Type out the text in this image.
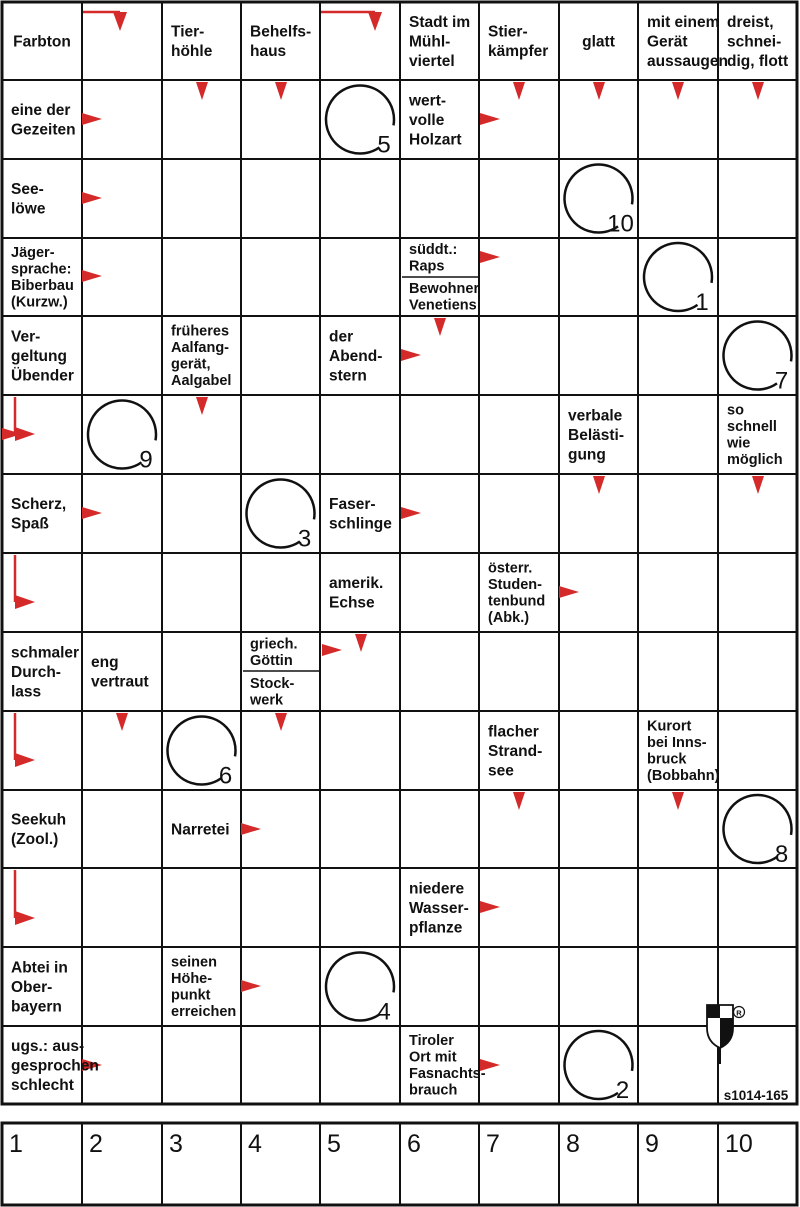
Farbton
Tier-höhle
Behelfs-haus
Stadt im Mühl-viertel
Stier-kämpfer
glatt
mit einem Gerät aussaugen
dreist, schnei-dig, flott
eine der Gezeiten
wert-volle Holzart
See-löwe
Jäger-sprache: Biberbau (Kurzw.)
süddt.: Raps
Bewohner Venetiens
Ver-geltung Übender
früheres Aalfang-gerät, Aalgabel
der Abend-stern
verbale Belästi-gung
so schnell wie möglich
Scherz, Spaß
Faser-schlinge
amerik. Echse
österr. Studen-tenbund (Abk.)
schmaler Durch-lass
eng vertraut
griech. Göttin
Stock-werk
flacher Strand-see
Kurort bei Inns-bruck (Bobbahn)
Seekuh (Zool.)
Narretei
niedere Wasser-pflanze
Abtei in Ober-bayern
seinen Höhe-punkt erreichen
ugs.: aus-gesprochen schlecht
Tiroler Ort mit Fasnachts-brauch
5
10
1
7
9
3
6
8
4
2
R
s1014-165
1	2	3	4	5	6	7	8	9	10
